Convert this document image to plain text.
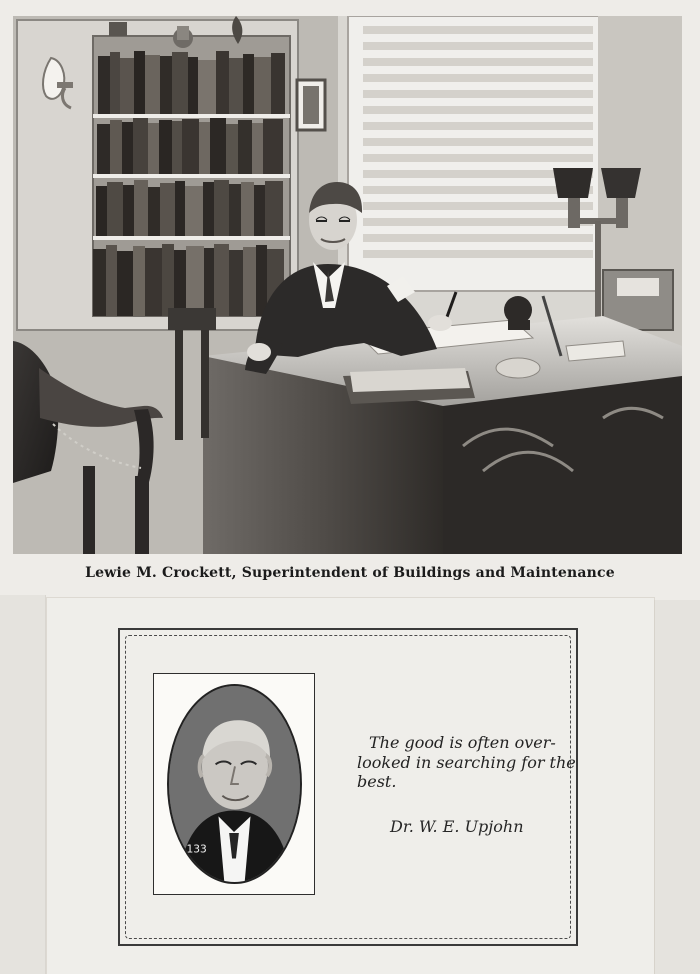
Lewie M. Crockett, Superintendent of Buildings and Maintenance
133
The good is often over-
looked in searching for the
best.
Dr. W. E. Upjohn
